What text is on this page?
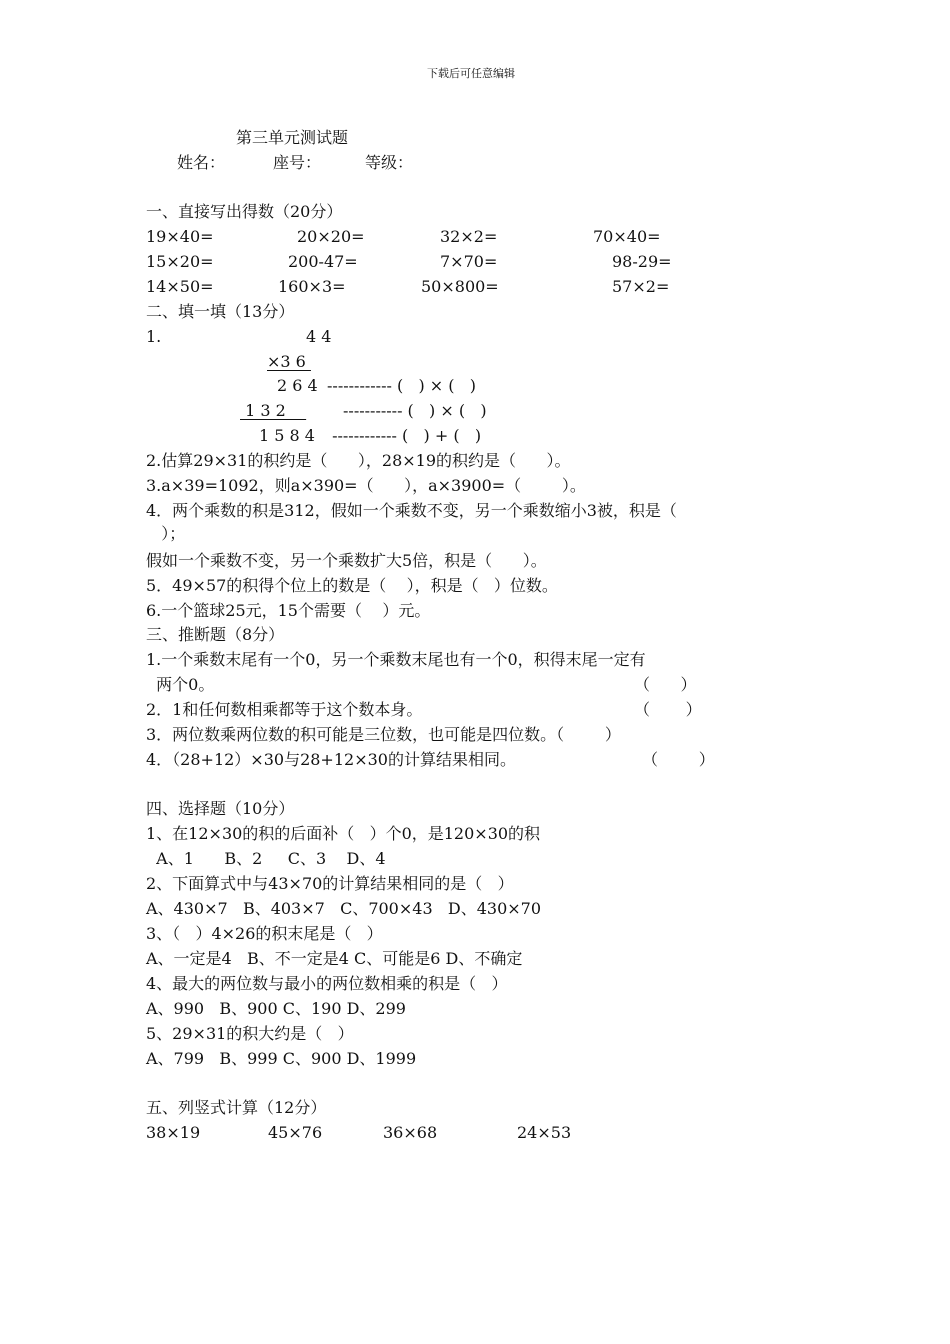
下载后可任意编辑
第三单元测试题
姓名：	座号：	等级：
一、直接写出得数（20分）
19×40=	20×20=	32×2=	70×40=
15×20=	200-47=	7×70=	98-29=
14×50=	160×3=	50×800=	57×2=
二、填一填（13分）
1.	4 4
×3 6
2 6 4 ------------ (   ) × (   )
1 3 2 ----------- (   ) × (   )
1 5 8 4 ------------ (   ) + (   )
2.估算29×31的积约是（      ），28×19的积约是（      ）。
3.a×39=1092，则a×390=（      ），a×3900=（        ）。
4．两个乘数的积是312，假如一个乘数不变，另一个乘数缩小3被，积是（
）；
假如一个乘数不变，另一个乘数扩大5倍，积是（      ）。
5．49×57的积得个位上的数是（    ），积是（   ）位数。
6.一个篮球25元，15个需要（    ）元。
三、推断题（8分）
1.一个乘数末尾有一个0，另一个乘数末尾也有一个0，积得末尾一定有
两个0。	（      ）
2．1和任何数相乘都等于这个数本身。	（       ）
3．两位数乘两位数的积可能是三位数，也可能是四位数。（        ）
4．（28+12）×30与28+12×30的计算结果相同。	（        ）
四、选择题（10分）
1、在12×30的积的后面补（   ）个0，是120×30的积
A、1      B、2     C、3    D、4
2、下面算式中与43×70的计算结果相同的是（   ）
A、430×7   B、403×7   C、700×43   D、430×70
3、（   ）4×26的积末尾是（   ）
A、一定是4   B、不一定是4 C、可能是6 D、不确定
4、最大的两位数与最小的两位数相乘的积是（   ）
A、990   B、900 C、190 D、299
5、29×31的积大约是（   ）
A、799   B、999 C、900 D、1999
五、列竖式计算（12分）
38×19	45×76	36×68	24×53
